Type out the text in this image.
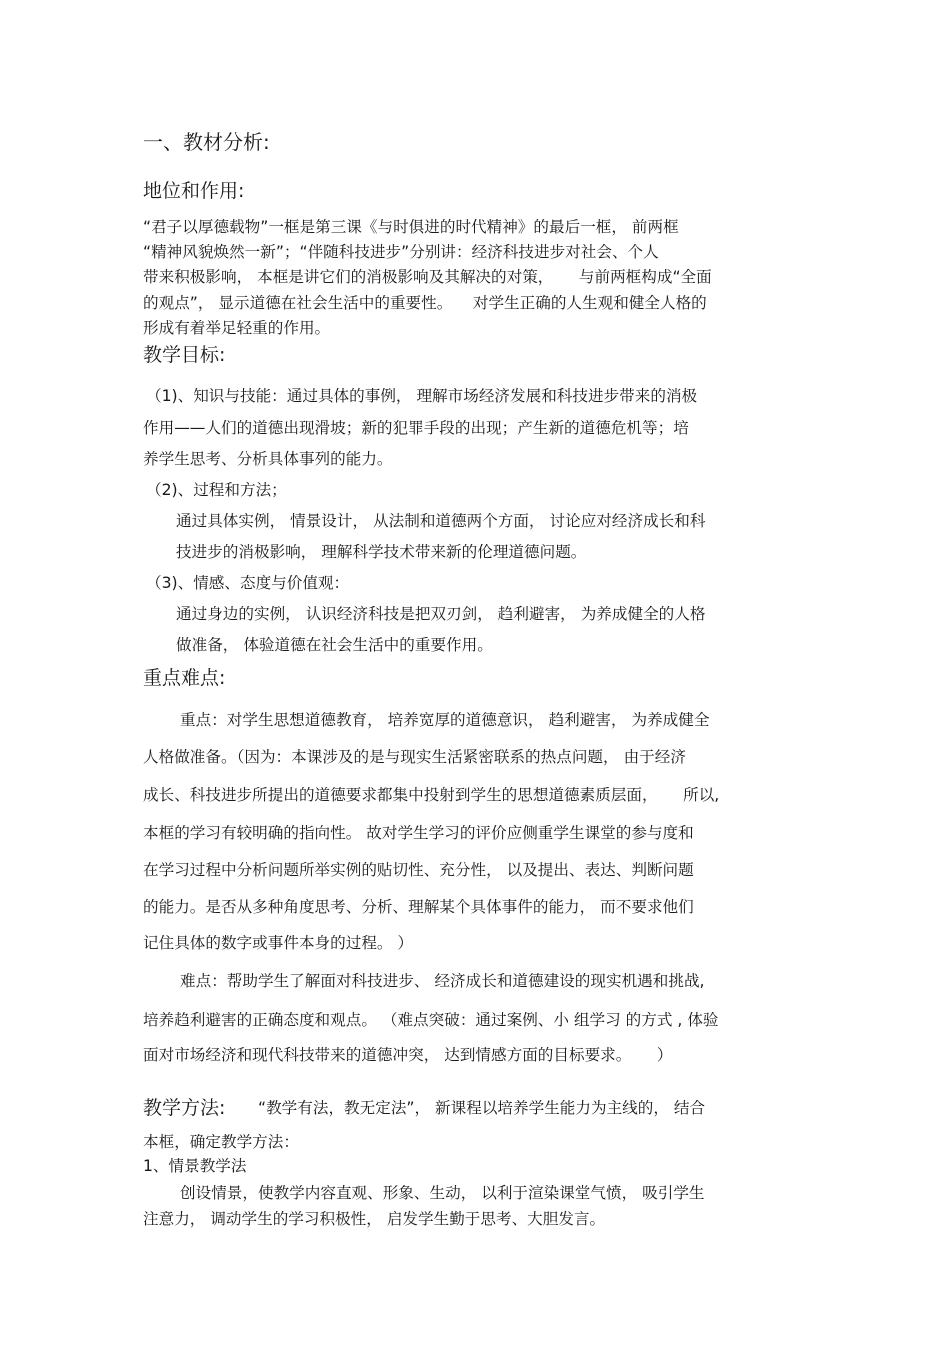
一、教材分析:
地位和作用:
“君子以厚德载物”一框是第三课《与时俱进的时代精神》的最后一框， 前两框
“精神风貌焕然一新”；“伴随科技进步”分别讲：经济科技进步对社会、个人
带来积极影响， 本框是讲它们的消极影响及其解决的对策， 　 与前两框构成“全面
的观点”， 显示道德在社会生活中的重要性。 　对学生正确的人生观和健全人格的
形成有着举足轻重的作用。
教学目标:
（1)、知识与技能：通过具体的事例， 理解市场经济发展和科技进步带来的消极
作用——人们的道德出现滑坡；新的犯罪手段的出现；产生新的道德危机等；培
养学生思考、分析具体事列的能力。
（2)、过程和方法；
通过具体实例， 情景设计， 从法制和道德两个方面， 讨论应对经济成长和科
技进步的消极影响， 理解科学技术带来新的伦理道德问题。
（3)、情感、态度与价值观：
通过身边的实例， 认识经济科技是把双刃剑， 趋利避害， 为养成健全的人格
做准备， 体验道德在社会生活中的重要作用。
重点难点:
重点：对学生思想道德教育， 培养宽厚的道德意识， 趋利避害， 为养成健全
人格做准备。（因为：本课涉及的是与现实生活紧密联系的热点问题， 由于经济
成长、科技进步所提出的道德要求都集中投射到学生的思想道德素质层面， 　 所以,
本框的学习有较明确的指向性。 故对学生学习的评价应侧重学生课堂的参与度和
在学习过程中分析问题所举实例的贴切性、充分性， 以及提出、表达、判断问题
的能力。是否从多种角度思考、分析、理解某个具体事件的能力， 而不要求他们
记住具体的数字或事件本身的过程。 ）
难点：帮助学生了解面对科技进步、 经济成长和道德建设的现实机遇和挑战,
培养趋利避害的正确态度和观点。 （难点突破：通过案例、小 组学习 的方式 , 体验
面对市场经济和现代科技带来的道德冲突， 达到情感方面的目标要求。 　 ）
教学方法: “教学有法，教无定法”， 新课程以培养学生能力为主线的， 结合
本框，确定教学方法：
1、情景教学法
创设情景，使教学内容直观、形象、生动， 以利于渲染课堂气愤， 吸引学生
注意力， 调动学生的学习积极性， 启发学生勤于思考、大胆发言。
